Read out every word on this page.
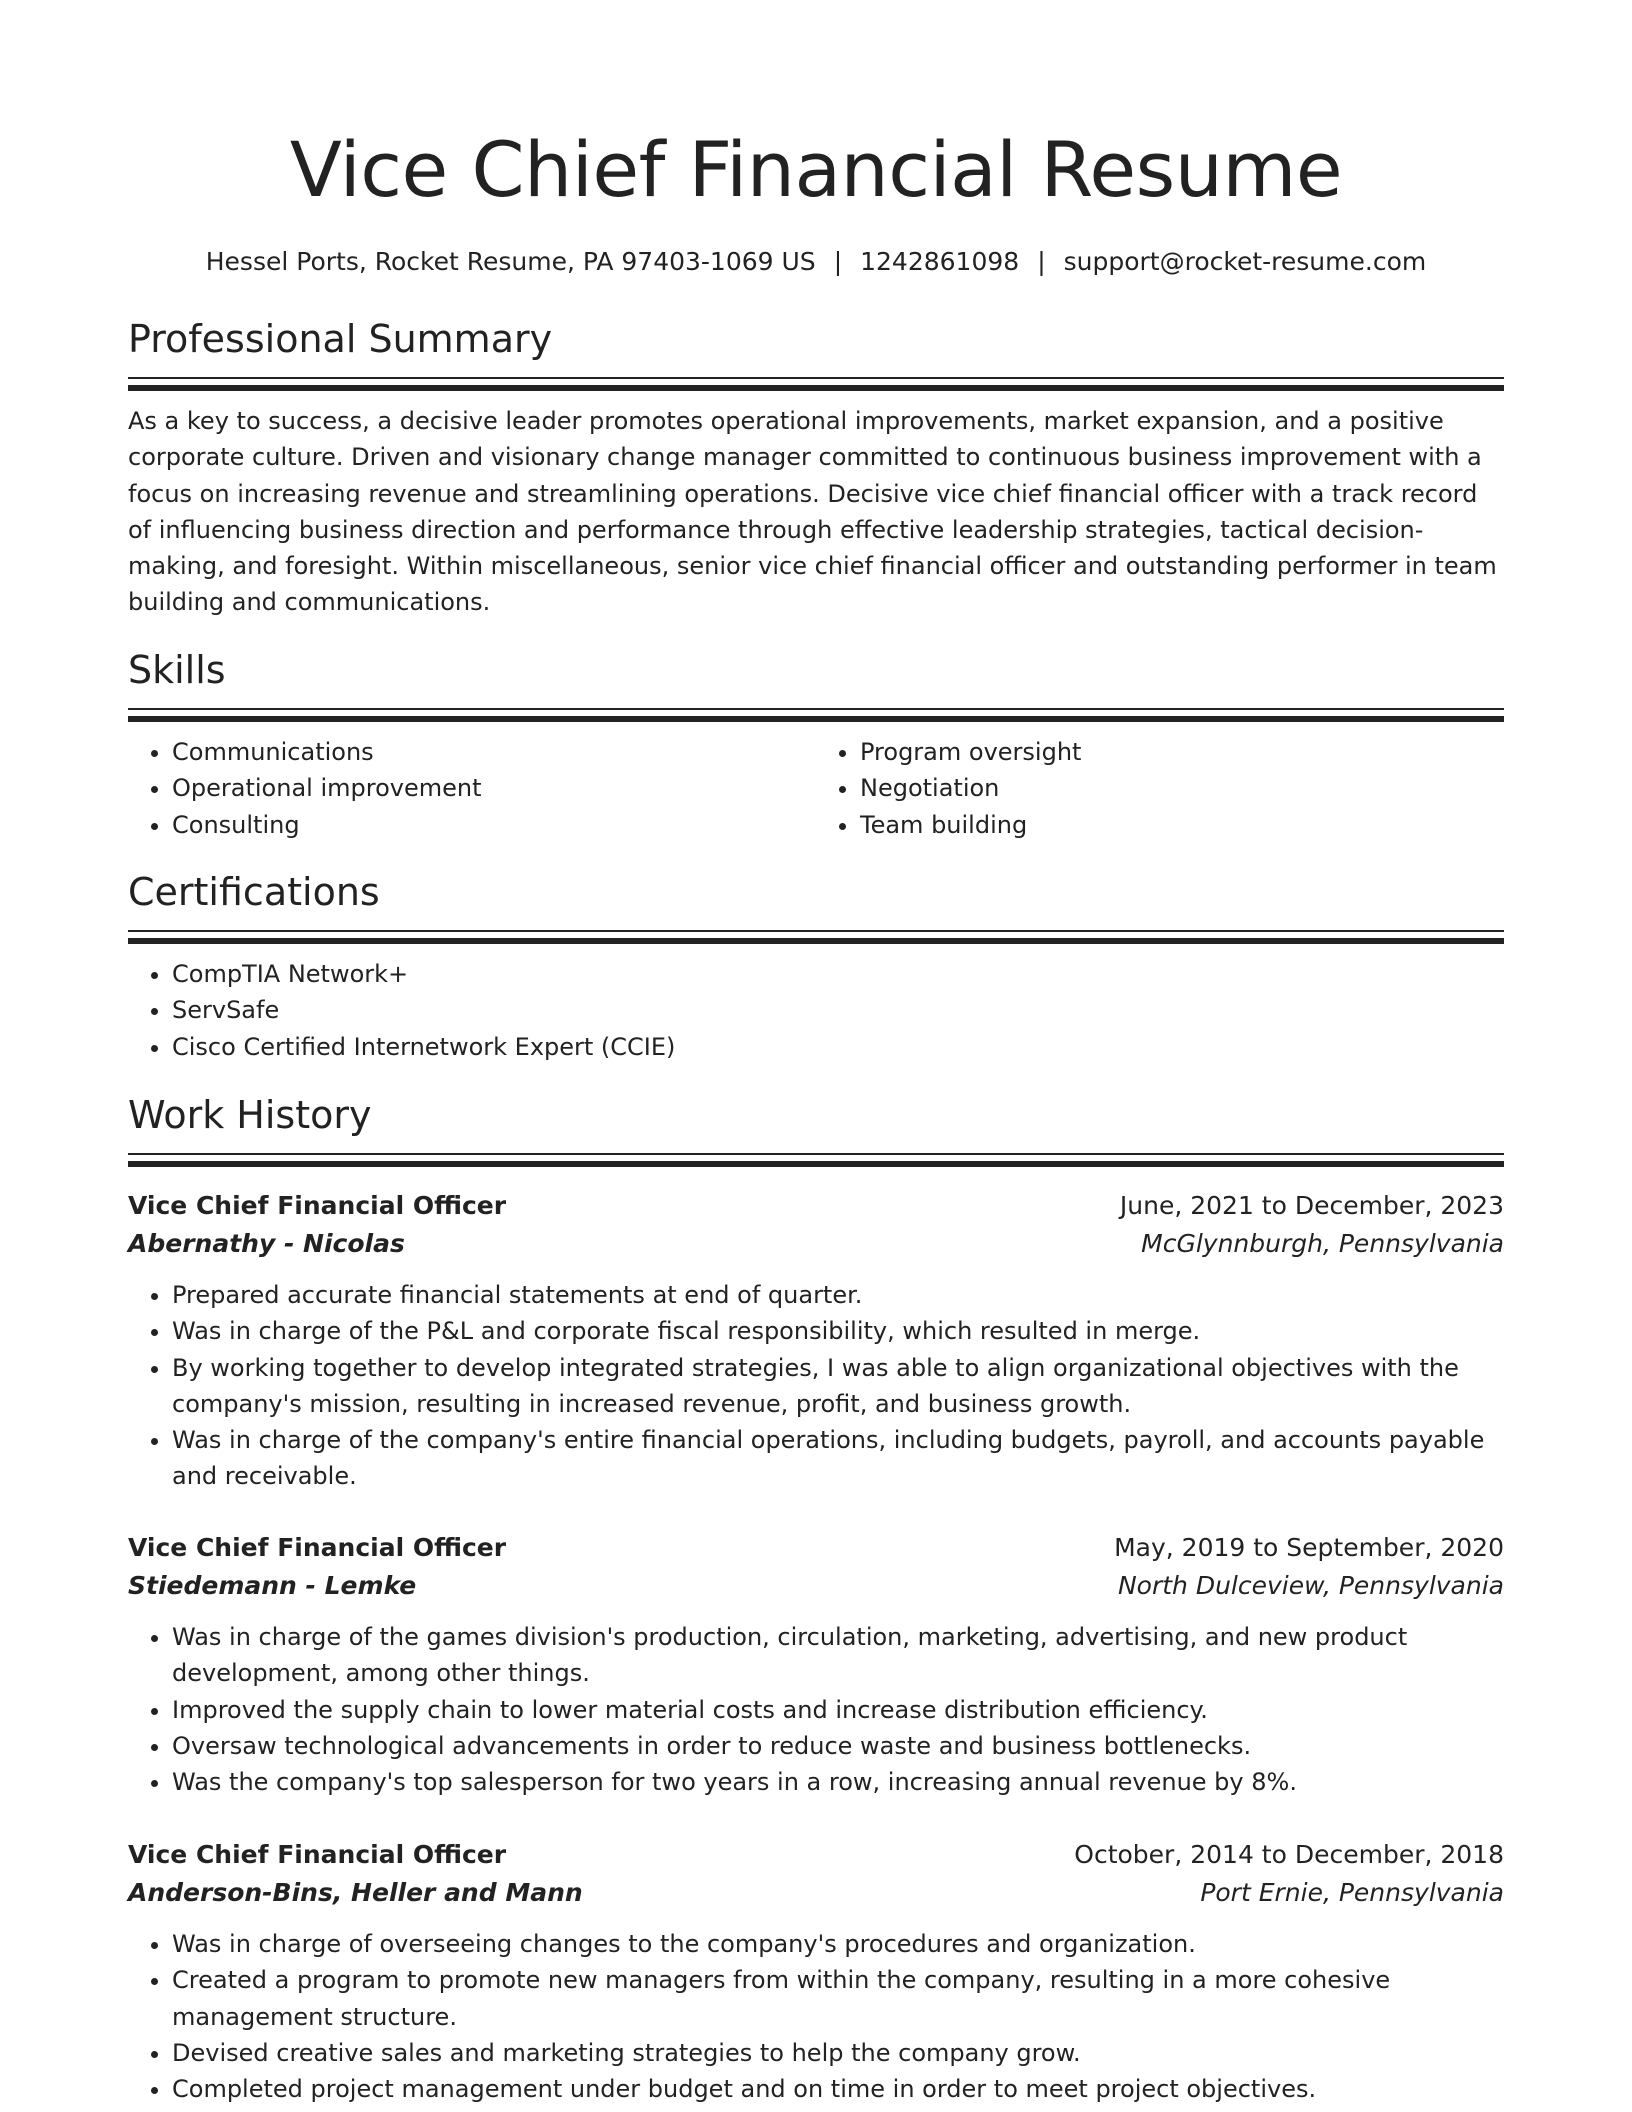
Vice Chief Financial Resume
Hessel Ports, Rocket Resume, PA 97403-1069 US | 1242861098 | support@rocket-resume.com
Professional Summary

As a key to success, a decisive leader promotes operational improvements, market expansion, and a positive corporate culture. Driven and visionary change manager committed to continuous business improvement with a focus on increasing revenue and streamlining operations. Decisive vice chief financial officer with a track record of influencing business direction and performance through effective leadership strategies, tactical decision-making, and foresight. Within miscellaneous, senior vice chief financial officer and outstanding performer in team building and communications.

Skills
• Communications
• Operational improvement
• Consulting
• Program oversight
• Negotiation
• Team building
Certifications
• CompTIA Network+
• ServSafe
• Cisco Certified Internetwork Expert (CCIE)
Work History
Vice Chief Financial Officer	June, 2021 to December, 2023
Abernathy - Nicolas	McGlynnburgh, Pennsylvania
• Prepared accurate financial statements at end of quarter.
• Was in charge of the P&L and corporate fiscal responsibility, which resulted in merge.
• By working together to develop integrated strategies, I was able to align organizational objectives with the company's mission, resulting in increased revenue, profit, and business growth.
• Was in charge of the company's entire financial operations, including budgets, payroll, and accounts payable and receivable.
Vice Chief Financial Officer	May, 2019 to September, 2020
Stiedemann - Lemke	North Dulceview, Pennsylvania
• Was in charge of the games division's production, circulation, marketing, advertising, and new product development, among other things.
• Improved the supply chain to lower material costs and increase distribution efficiency.
• Oversaw technological advancements in order to reduce waste and business bottlenecks.
• Was the company's top salesperson for two years in a row, increasing annual revenue by 8%.
Vice Chief Financial Officer	October, 2014 to December, 2018
Anderson-Bins, Heller and Mann	Port Ernie, Pennsylvania
• Was in charge of overseeing changes to the company's procedures and organization.
• Created a program to promote new managers from within the company, resulting in a more cohesive management structure.
• Devised creative sales and marketing strategies to help the company grow.
• Completed project management under budget and on time in order to meet project objectives.
